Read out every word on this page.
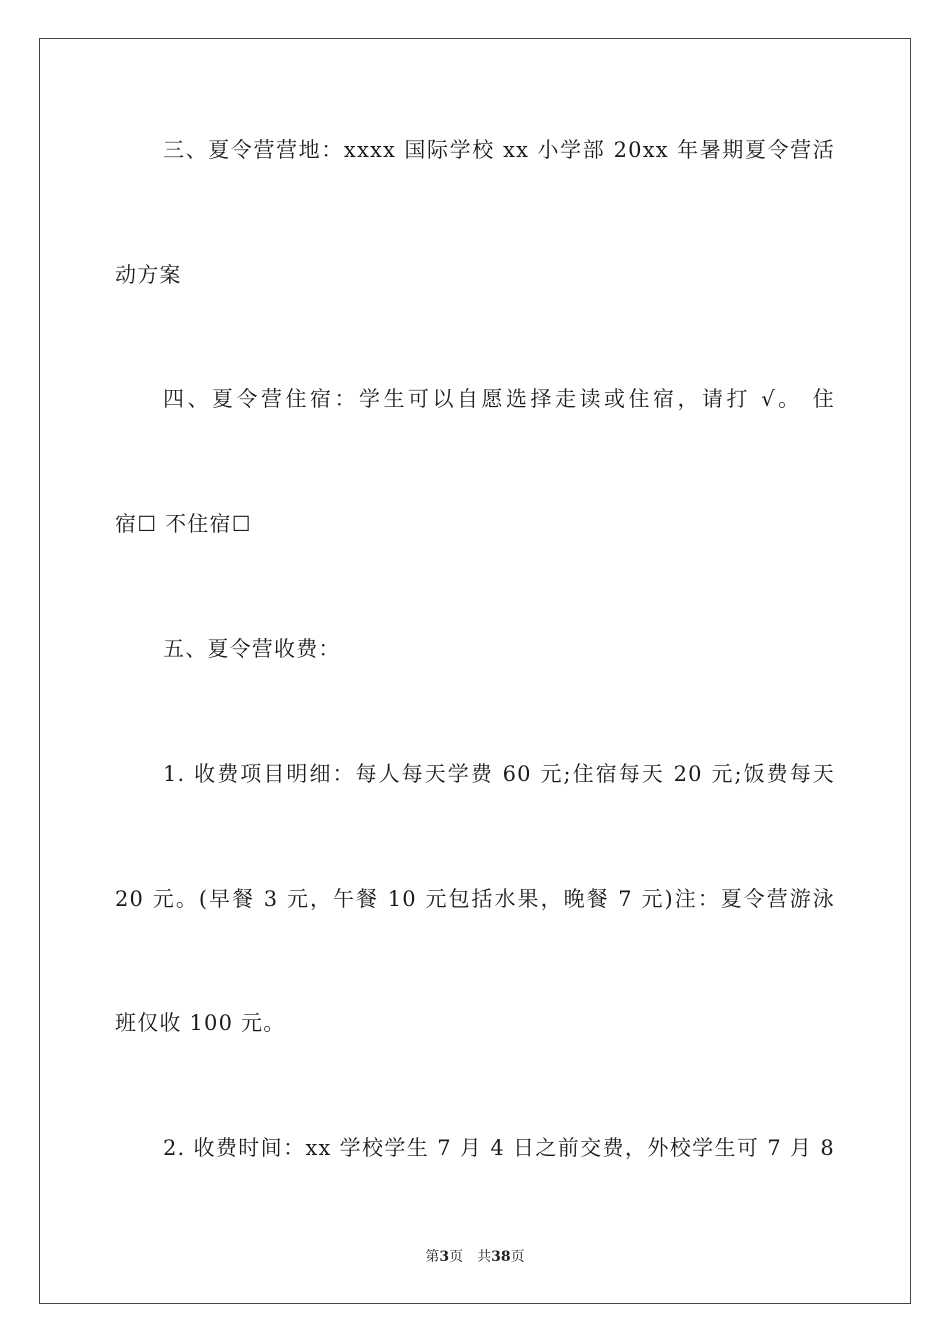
三、夏令营营地：xxxx 国际学校 xx 小学部 20xx 年暑期夏令营活
动方案
四、夏令营住宿：学生可以自愿选择走读或住宿，请打 √。 住
宿☐ 不住宿☐
五、夏令营收费：
1. 收费项目明细：每人每天学费 60 元;住宿每天 20 元;饭费每天
20 元。(早餐 3 元，午餐 10 元包括水果，晚餐 7 元)注：夏令营游泳
班仅收 100 元。
2. 收费时间：xx 学校学生 7 月 4 日之前交费，外校学生可 7 月 8
第3页 共38页
